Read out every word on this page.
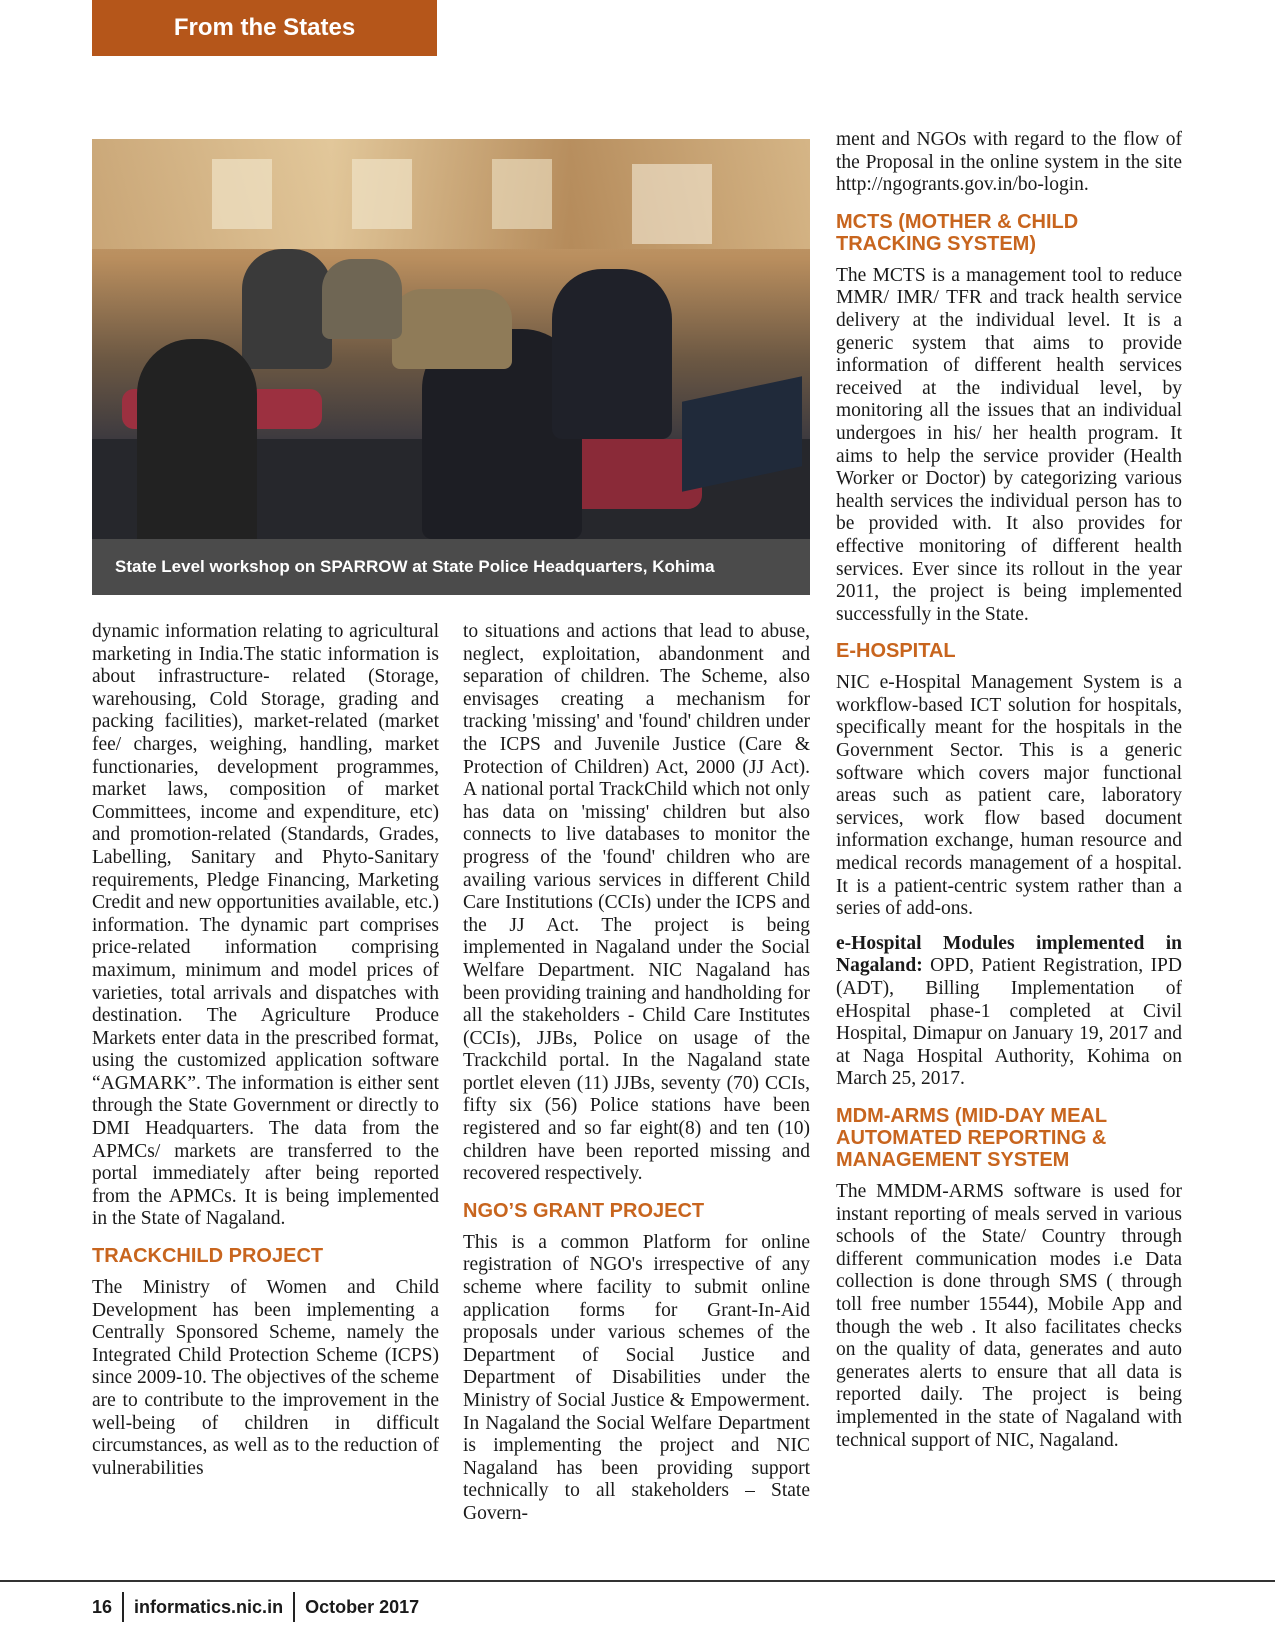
From the States
State Level workshop on SPARROW at State Police Headquarters, Kohima

dynamic information relating to agricultural marketing in India.The static information is about infrastructure- related (Storage, warehousing, Cold Storage, grading and packing facilities), market-related (market fee/ charges, weighing, handling, market functionaries, development programmes, market laws, composition of market Committees, income and expenditure, etc) and promotion-related (Standards, Grades, Labelling, Sanitary and Phyto-Sanitary requirements, Pledge Financing, Marketing Credit and new opportunities available, etc.) information. The dynamic part comprises price-related information comprising maximum, minimum and model prices of varieties, total arrivals and dispatches with destination. The Agriculture Produce Markets enter data in the prescribed format, using the customized application software “AGMARK”. The information is either sent through the State Government or directly to DMI Headquarters. The data from the APMCs/ markets are transferred to the portal immediately after being reported from the APMCs. It is being implemented in the State of Nagaland.

TRACKCHILD PROJECT

The Ministry of Women and Child Development has been implementing a Centrally Sponsored Scheme, namely the Integrated Child Protection Scheme (ICPS) since 2009-10. The objectives of the scheme are to contribute to the improvement in the well-being of children in difficult circumstances, as well as to the reduction of vulnerabilities

to situations and actions that lead to abuse, neglect, exploitation, abandonment and separation of children. The Scheme, also envisages creating a mechanism for tracking 'missing' and 'found' children under the ICPS and Juvenile Justice (Care & Protection of Children) Act, 2000 (JJ Act). A national portal TrackChild which not only has data on 'missing' children but also connects to live databases to monitor the progress of the 'found' children who are availing various services in different Child Care Institutions (CCIs) under the ICPS and the JJ Act. The project is being implemented in Nagaland under the Social Welfare Department. NIC Nagaland has been providing training and handholding for all the stakeholders - Child Care Institutes (CCIs), JJBs, Police on usage of the Trackchild portal. In the Nagaland state portlet eleven (11) JJBs, seventy (70) CCIs, fifty six (56) Police stations have been registered and so far eight(8) and ten (10) children have been reported missing and recovered respectively.

NGO’S GRANT PROJECT

This is a common Platform for online registration of NGO's irrespective of any scheme where facility to submit online application forms for Grant-In-Aid proposals under various schemes of the Department of Social Justice and Department of Disabilities under the Ministry of Social Justice & Empowerment. In Nagaland the Social Welfare Department is implementing the project and NIC Nagaland has been providing support technically to all stakeholders – State Govern-

ment and NGOs with regard to the flow of the Proposal in the online system in the site http://ngogrants.gov.in/bo-login.

MCTS (MOTHER & CHILD TRACKING SYSTEM)

The MCTS is a management tool to reduce MMR/ IMR/ TFR and track health service delivery at the individual level. It is a generic system that aims to provide information of different health services received at the individual level, by monitoring all the issues that an individual undergoes in his/ her health program. It aims to help the service provider (Health Worker or Doctor) by categorizing various health services the individual person has to be provided with. It also provides for effective monitoring of different health services. Ever since its rollout in the year 2011, the project is being implemented successfully in the State.

E-HOSPITAL

NIC e-Hospital Management System is a workflow-based ICT solution for hospitals, specifically meant for the hospitals in the Government Sector. This is a generic software which covers major functional areas such as patient care, laboratory services, work flow based document information exchange, human resource and medical records management of a hospital. It is a patient-centric system rather than a series of add-ons.

e-Hospital Modules implemented in Nagaland: OPD, Patient Registration, IPD (ADT), Billing Implementation of eHospital phase-1 completed at Civil Hospital, Dimapur on January 19, 2017 and at Naga Hospital Authority, Kohima on March 25, 2017.

MDM-ARMS (MID-DAY MEAL AUTOMATED REPORTING & MANAGEMENT SYSTEM

The MMDM-ARMS software is used for instant reporting of meals served in various schools of the State/ Country through different communication modes i.e Data collection is done through SMS ( through toll free number 15544), Mobile App and though the web . It also facilitates checks on the quality of data, generates and auto generates alerts to ensure that all data is reported daily. The project is being implemented in the state of Nagaland with technical support of NIC, Nagaland.

16 informatics.nic.in October 2017
